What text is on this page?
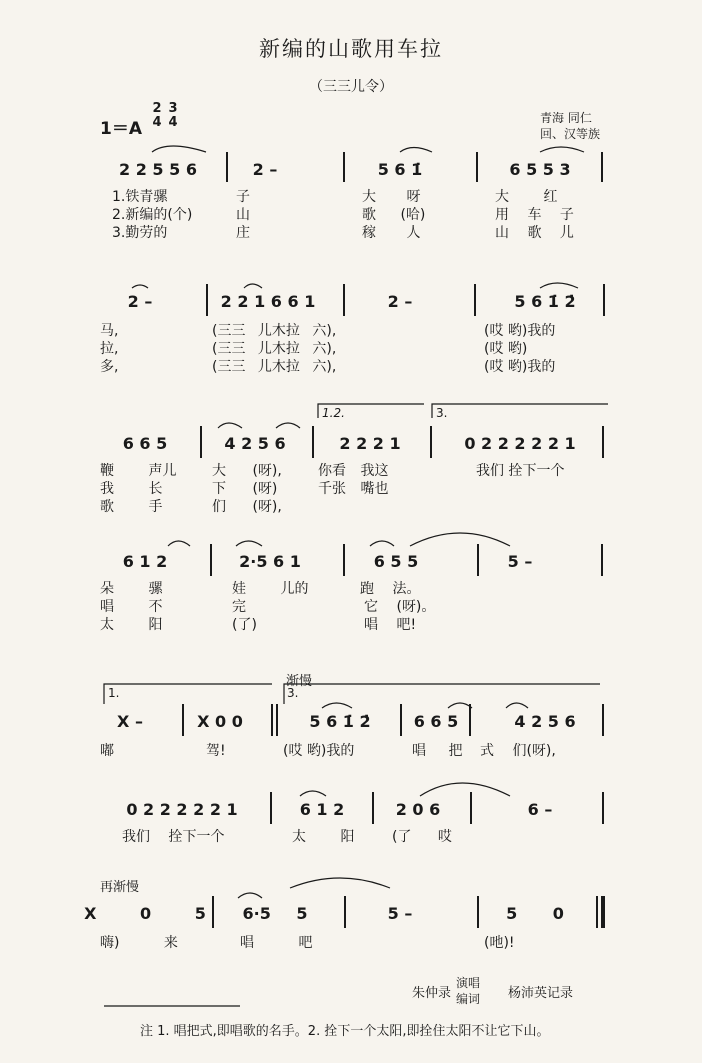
新编的山歌用车拉
（三三儿令）
1＝A
2
4
3
4	青海 同仁
回、汉等族
2 2 5 5 6	2 –	5 6 1̇	6 5 5 3
1.铁青骡	子	大 呀	大 红
2.新编的(个)	山	歌 (哈)	用 车 子
3.勤劳的	庄	稼 人	山 歌 儿
2 –	2 2 1 6 6 1	2 –	5 6 1̇ 2̇
马,	(三三 儿木拉 六),	(哎 哟)我的
拉,	(三三 儿木拉 六),	(哎 哟)
多,	(三三 儿木拉 六),	(哎 哟)我的
1.2.	3.
6 6 5	4 2 5 6	2 2 2 1	0 2 2 2 2 2 1
鞭 声儿	大 (呀),	你看 我这	我们 拴下一个
我 长	下 (呀)	千张 嘴也
歌 手	们 (呀),
6 1 2	2·5 6 1	6 5 5	5 –
朵 骡	娃 儿的	跑 法。
唱 不	完	它 (呀)。
太 阳	(了)	唱 吧!
渐慢
1.	3.
X –	X 0 0	5 6 1̇ 2̇	6 6 5	4 2 5 6
嘟	驾!	(哎 哟)我的	唱 把 式 们(呀),
0 2 2 2 2 2 1	6 1 2	2 0 6	6 –
我们 拴下一个	太 阳	(了 哎
再渐慢
X 0 5 6·5 5	5 –	5 0
嗨) 来	唱 吧	(吔)!
朱仲录
演唱
编词 杨沛英记录
注 1. 唱把式,即唱歌的名手。2. 拴下一个太阳,即拴住太阳不让它下山。
